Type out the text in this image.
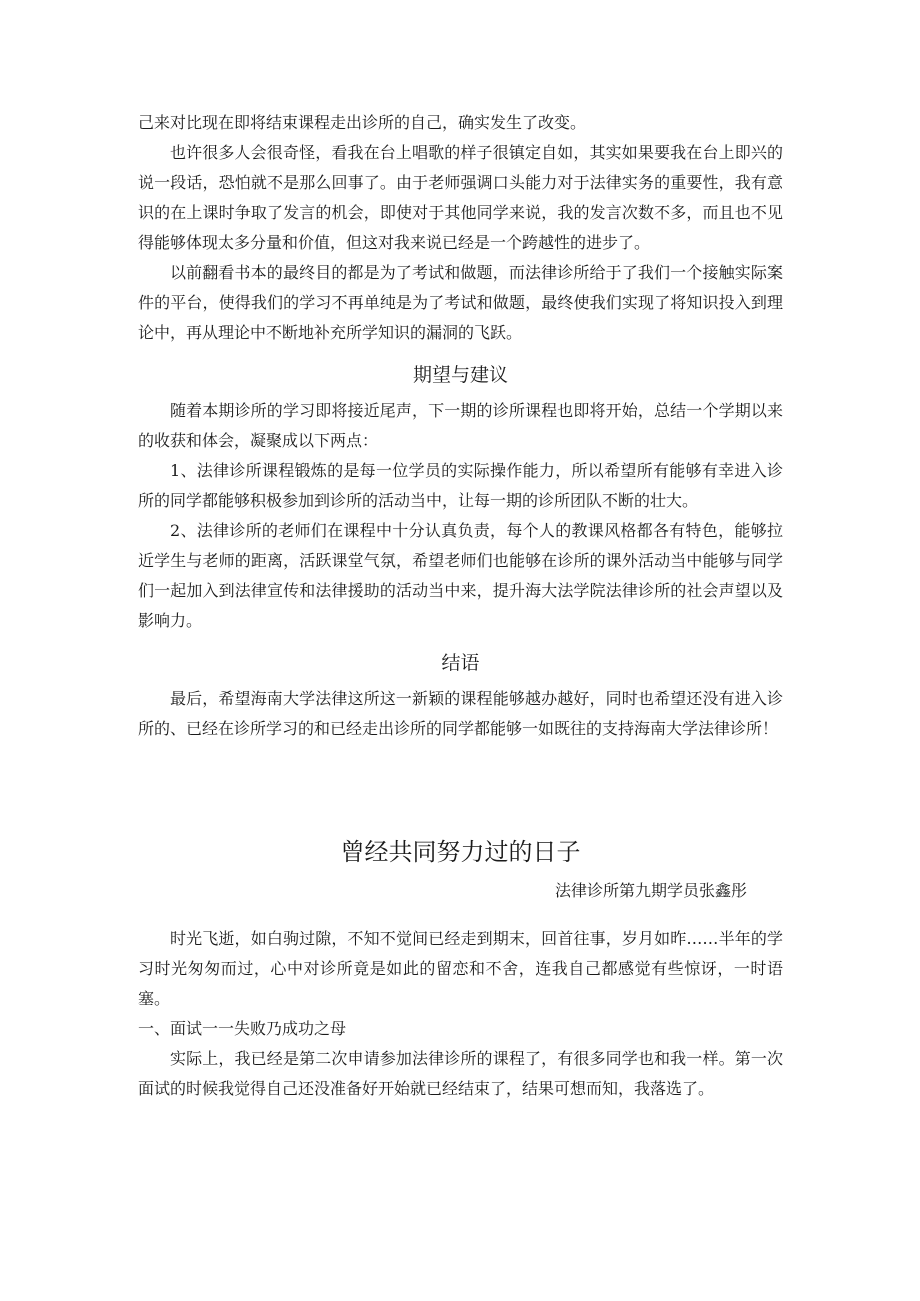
己来对比现在即将结束课程走出诊所的自己，确实发生了改变。

也许很多人会很奇怪，看我在台上唱歌的样子很镇定自如，其实如果要我在台上即兴的说一段话，恐怕就不是那么回事了。由于老师强调口头能力对于法律实务的重要性，我有意识的在上课时争取了发言的机会，即使对于其他同学来说，我的发言次数不多，而且也不见得能够体现太多分量和价值，但这对我来说已经是一个跨越性的进步了。

以前翻看书本的最终目的都是为了考试和做题，而法律诊所给于了我们一个接触实际案件的平台，使得我们的学习不再单纯是为了考试和做题，最终使我们实现了将知识投入到理论中，再从理论中不断地补充所学知识的漏洞的飞跃。

期望与建议

随着本期诊所的学习即将接近尾声，下一期的诊所课程也即将开始，总结一个学期以来的收获和体会，凝聚成以下两点：

1、法律诊所课程锻炼的是每一位学员的实际操作能力，所以希望所有能够有幸进入诊所的同学都能够积极参加到诊所的活动当中，让每一期的诊所团队不断的壮大。

2、法律诊所的老师们在课程中十分认真负责，每个人的教课风格都各有特色，能够拉近学生与老师的距离，活跃课堂气氛，希望老师们也能够在诊所的课外活动当中能够与同学们一起加入到法律宣传和法律援助的活动当中来，提升海大法学院法律诊所的社会声望以及影响力。

结语

最后，希望海南大学法律这所这一新颖的课程能够越办越好，同时也希望还没有进入诊所的、已经在诊所学习的和已经走出诊所的同学都能够一如既往的支持海南大学法律诊所！

曾经共同努力过的日子
法律诊所第九期学员张鑫彤

时光飞逝，如白驹过隙，不知不觉间已经走到期末，回首往事，岁月如昨……半年的学习时光匆匆而过，心中对诊所竟是如此的留恋和不舍，连我自己都感觉有些惊讶，一时语塞。

一、面试一一失败乃成功之母

实际上，我已经是第二次申请参加法律诊所的课程了，有很多同学也和我一样。第一次面试的时候我觉得自己还没准备好开始就已经结束了，结果可想而知，我落选了。
